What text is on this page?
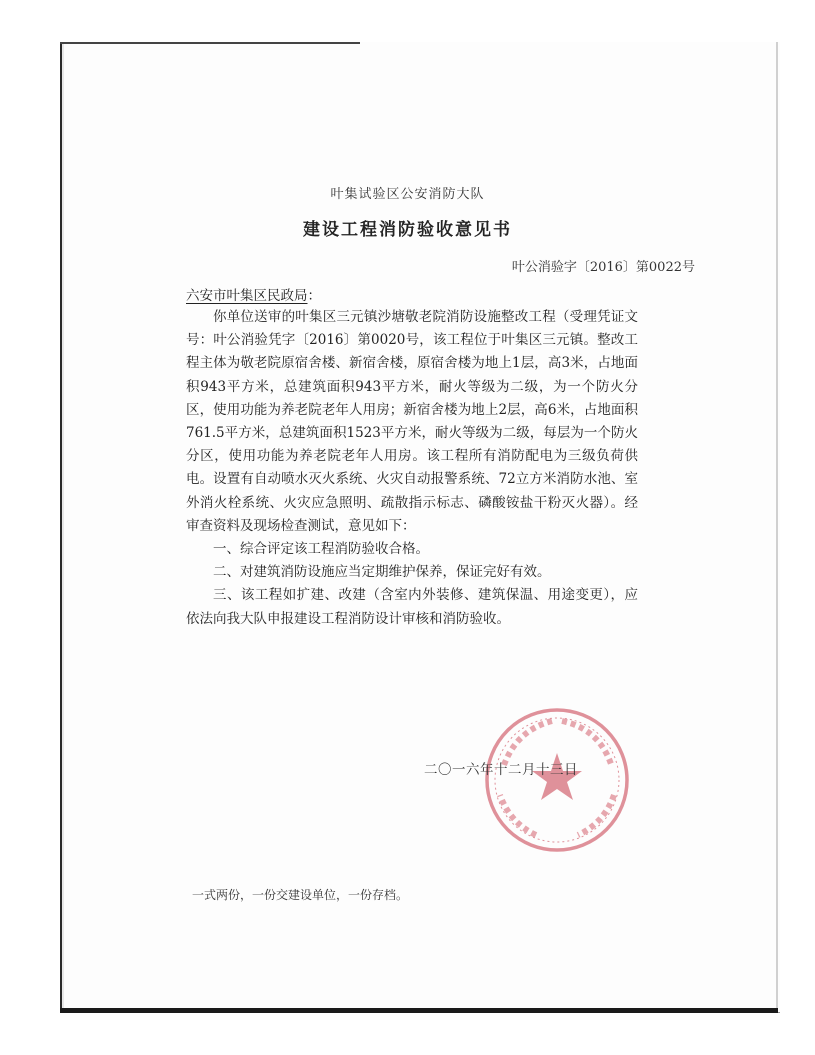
叶集试验区公安消防大队
建设工程消防验收意见书
叶公消验字〔2016〕第0022号
六安市叶集区民政局：

你单位送审的叶集区三元镇沙塘敬老院消防设施整改工程（受理凭证文号：叶公消验凭字〔2016〕第0020号，该工程位于叶集区三元镇。整改工程主体为敬老院原宿舍楼、新宿舍楼，原宿舍楼为地上1层，高3米，占地面积943平方米，总建筑面积943平方米，耐火等级为二级，为一个防火分区，使用功能为养老院老年人用房；新宿舍楼为地上2层，高6米，占地面积761.5平方米，总建筑面积1523平方米，耐火等级为二级，每层为一个防火分区，使用功能为养老院老年人用房。该工程所有消防配电为三级负荷供电。设置有自动喷水灭火系统、火灾自动报警系统、72立方米消防水池、室外消火栓系统、火灾应急照明、疏散指示标志、磷酸铵盐干粉灭火器）。经审查资料及现场检查测试，意见如下：

一、综合评定该工程消防验收合格。

二、对建筑消防设施应当定期维护保养，保证完好有效。

三、该工程如扩建、改建（含室内外装修、建筑保温、用途变更），应依法向我大队申报建设工程消防设计审核和消防验收。

二〇一六年十二月十三日
一式两份，一份交建设单位，一份存档。
